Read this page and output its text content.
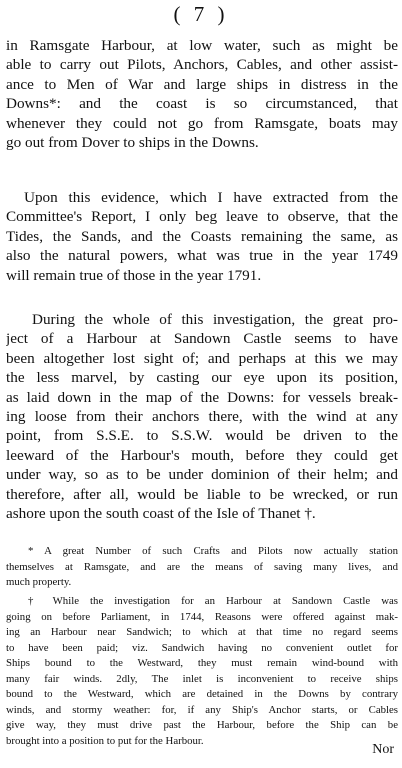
( 7 )
in Ramsgate Harbour, at low water, such as might be
able to carry out Pilots, Anchors, Cables, and other assist-
ance to Men of War and large ships in distress in the
Downs*: and the coast is so circumstanced, that
whenever they could not go from Ramsgate, boats may
go out from Dover to ships in the Downs.
Upon this evidence, which I have extracted from the
Committee's Report, I only beg leave to observe, that the
Tides, the Sands, and the Coasts remaining the same, as
also the natural powers, what was true in the year 1749
will remain true of those in the year 1791.
During the whole of this investigation, the great pro-
ject of a Harbour at Sandown Castle seems to have
been altogether lost sight of; and perhaps at this we may
the less marvel, by casting our eye upon its position,
as laid down in the map of the Downs: for vessels break-
ing loose from their anchors there, with the wind at any
point, from S.S.E. to S.S.W. would be driven to the
leeward of the Harbour's mouth, before they could get
under way, so as to be under dominion of their helm; and
therefore, after all, would be liable to be wrecked, or run
ashore upon the south coast of the Isle of Thanet †.
* A great Number of such Crafts and Pilots now actually station
themselves at Ramsgate, and are the means of saving many lives, and
much property.
† While the investigation for an Harbour at Sandown Castle was
going on before Parliament, in 1744, Reasons were offered against mak-
ing an Harbour near Sandwich; to which at that time no regard seems
to have been paid; viz. Sandwich having no convenient outlet for
Ships bound to the Westward, they must remain wind-bound with
many fair winds. 2dly, The inlet is inconvenient to receive ships
bound to the Westward, which are detained in the Downs by contrary
winds, and stormy weather: for, if any Ship's Anchor starts, or Cables
give way, they must drive past the Harbour, before the Ship can be
brought into a position to put for the Harbour.
Nor
